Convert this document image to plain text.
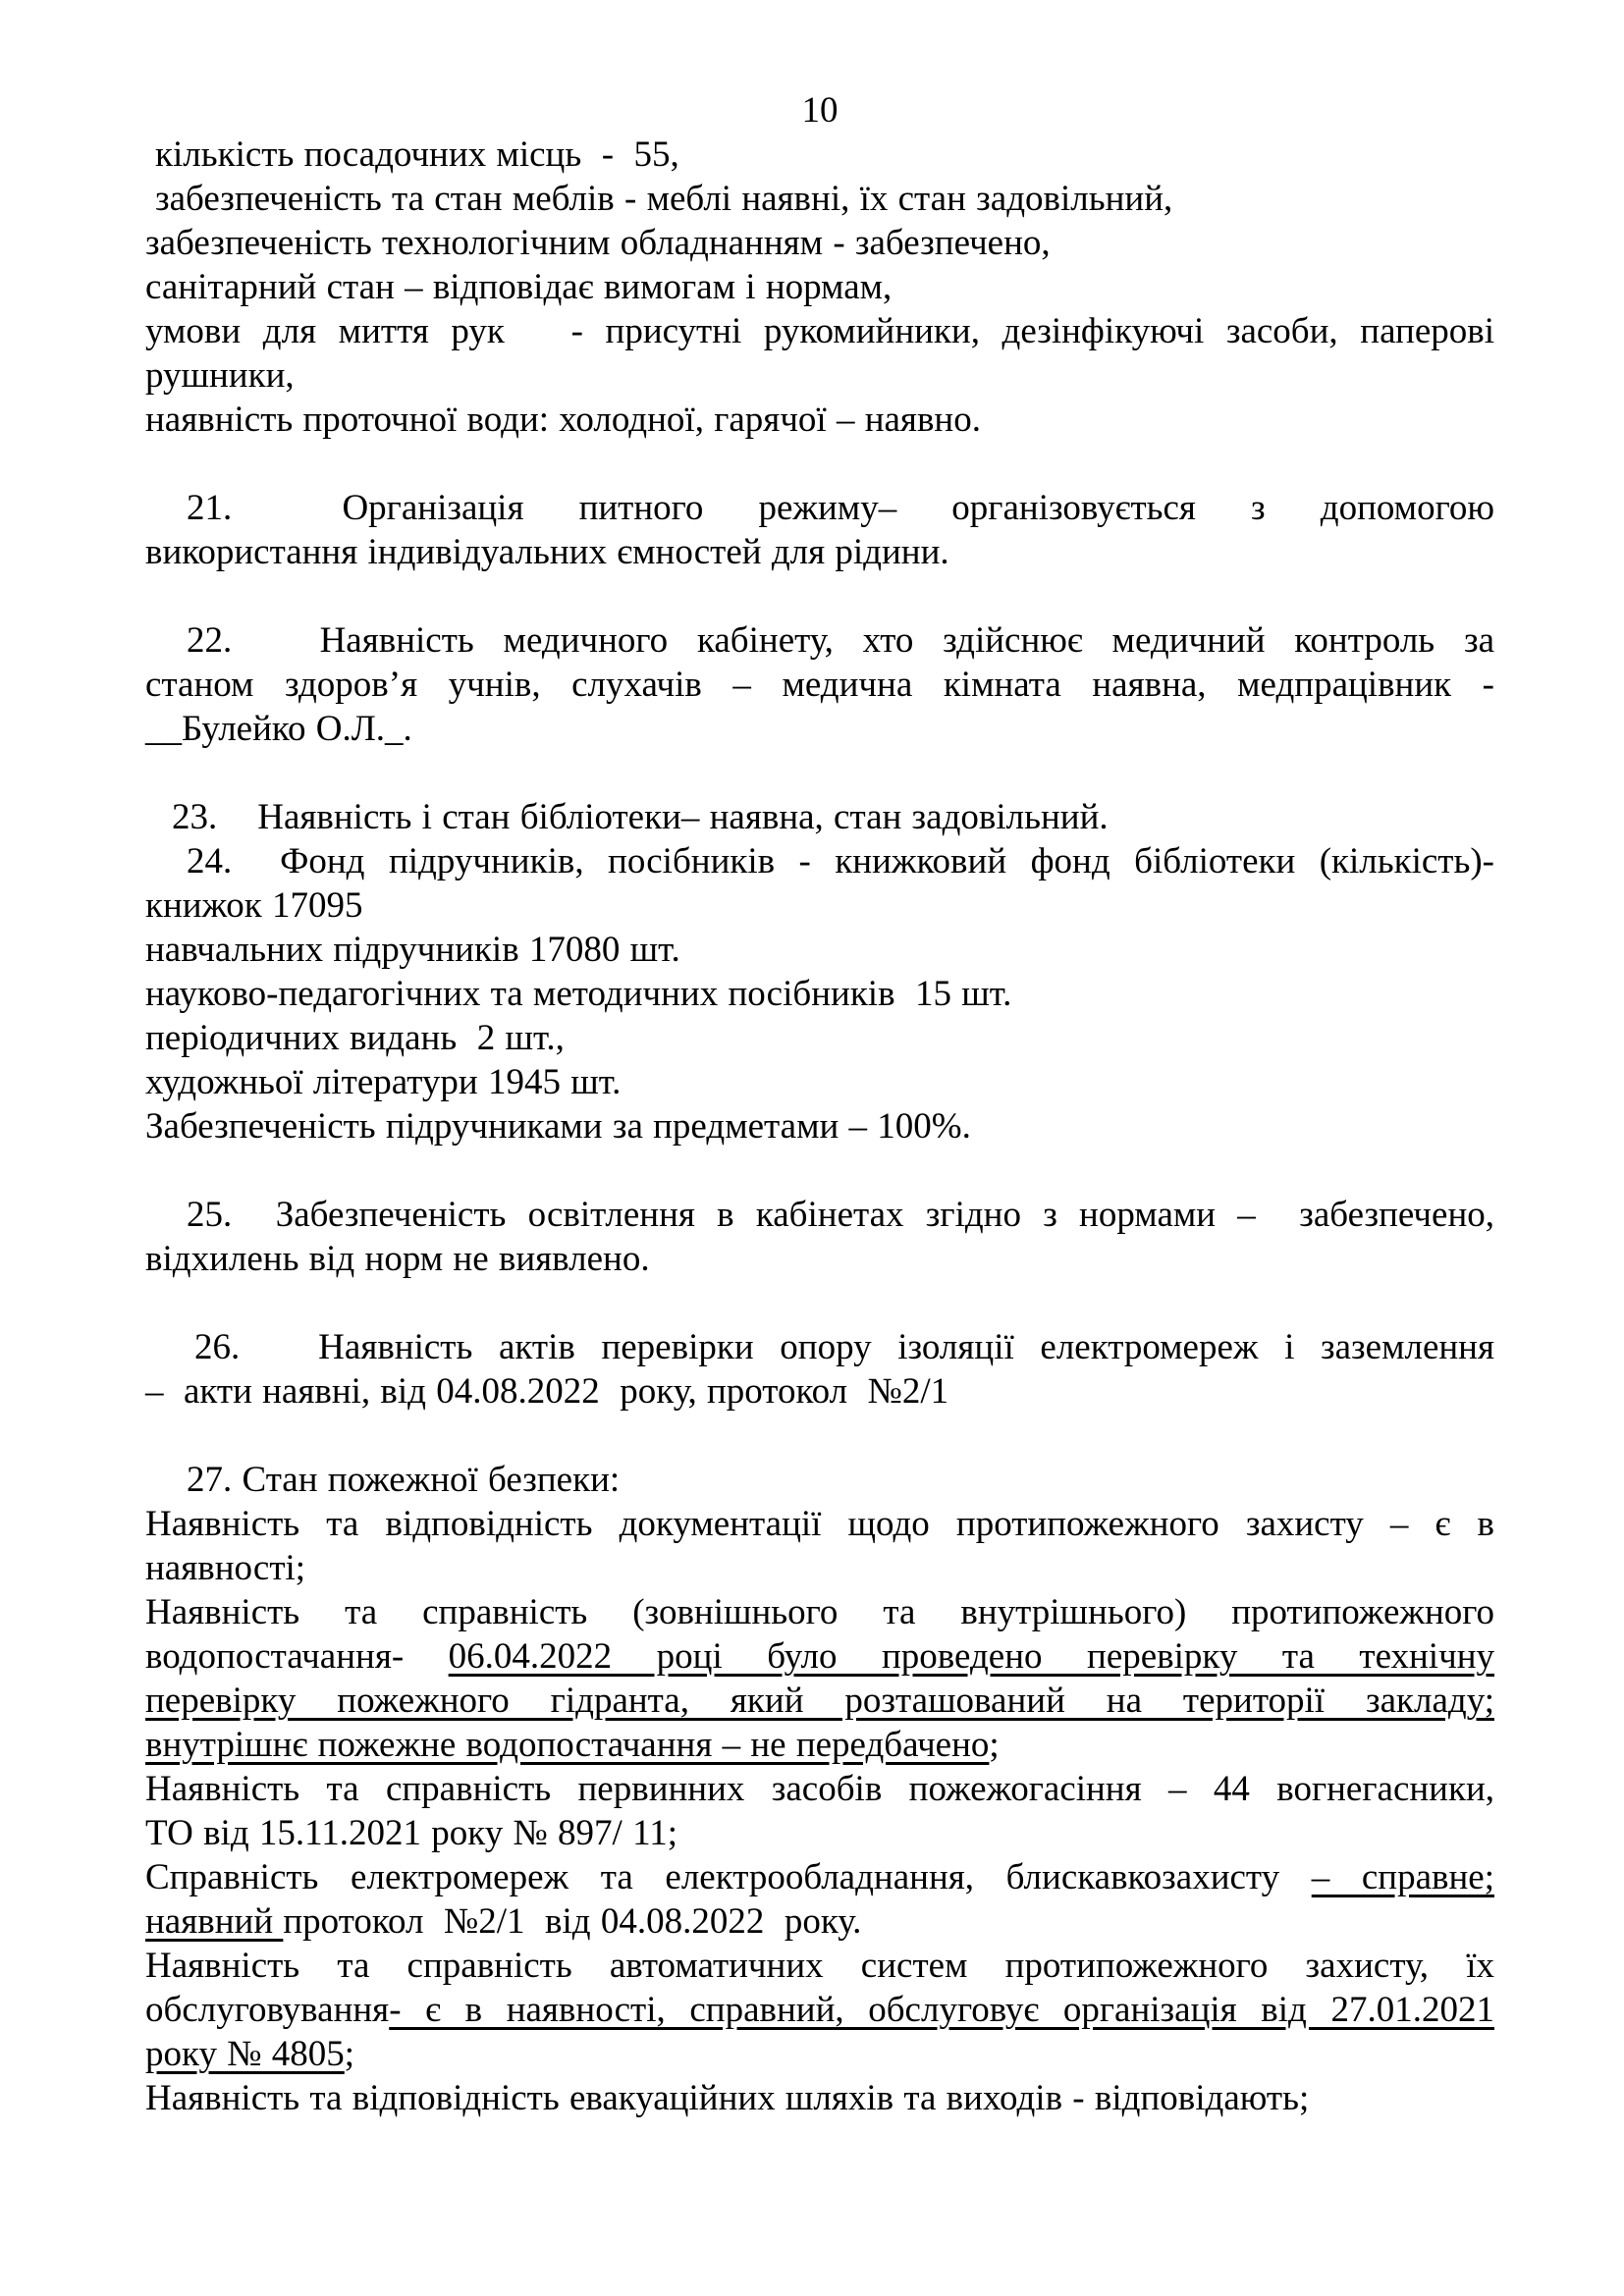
10
кількість посадочних місць  -  55,
забезпеченість та стан меблів - меблі наявні, їх стан задовільний,
забезпеченість технологічним обладнанням - забезпечено,
санітарний стан – відповідає вимогам і нормам,
умови для миття рук   - присутні рукомийники, дезінфікуючі засоби, паперові
рушники,
наявність проточної води: холодної, гарячої – наявно.
21.  Організація питного режиму– організовується з допомогою
використання індивідуальних ємностей для рідини.
22.   Наявність медичного кабінету, хто здійснює медичний контроль за
станом здоров’я учнів, слухачів – медична кімната наявна, медпрацівник -
__Булейко О.Л._.
23.    Наявність і стан бібліотеки– наявна, стан задовільний.
24.  Фонд підручників, посібників - книжковий фонд бібліотеки (кількість)-
книжок 17095
навчальних підручників 17080 шт.
науково-педагогічних та методичних посібників  15 шт.
періодичних видань  2 шт.,
художньої літератури 1945 шт.
Забезпеченість підручниками за предметами – 100%.
25.  Забезпеченість освітлення в кабінетах згідно з нормами –  забезпечено,
відхилень від норм не виявлено.
26.   Наявність актів перевірки опору ізоляції електромереж і заземлення
–  акти наявні, від 04.08.2022  року, протокол  №2/1
27. Стан пожежної безпеки:
Наявність та відповідність документації щодо протипожежного захисту – є в
наявності;
Наявність та справність (зовнішнього та внутрішнього) протипожежного
водопостачання- 06.04.2022 році було проведено перевірку та технічну
перевірку пожежного гідранта, який розташований на території закладу;
внутрішнє пожежне водопостачання – не передбачено;
Наявність та справність первинних засобів пожежогасіння – 44 вогнегасники,
ТО від 15.11.2021 року № 897/ 11;
Справність електромереж та електрообладнання, блискавкозахисту – справне;
наявний протокол  №2/1  від 04.08.2022  року.
Наявність та справність автоматичних систем протипожежного захисту, їх
обслуговування- є в наявності, справний, обслуговує організація від 27.01.2021
року № 4805;
Наявність та відповідність евакуаційних шляхів та виходів - відповідають;
